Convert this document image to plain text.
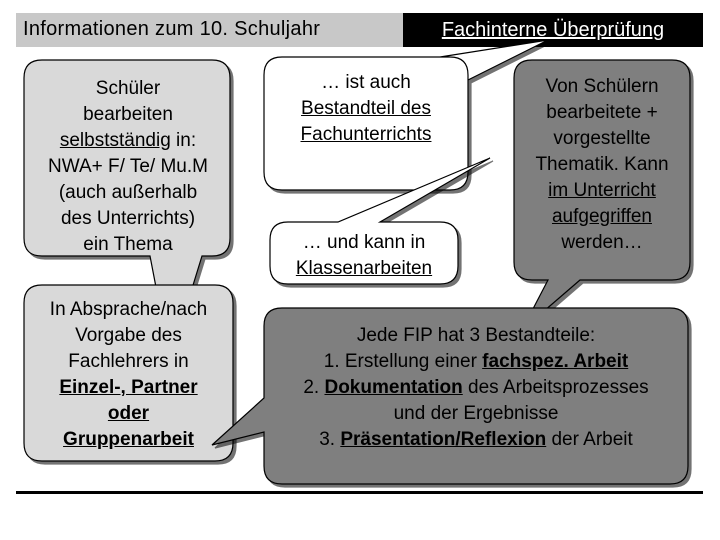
Informationen zum 10. Schuljahr	Fachinterne Überprüfung
Schüler
bearbeiten
selbstständig in:
NWA+ F/ Te/ Mu.M
(auch außerhalb
des Unterrichts)
ein Thema
… ist auch
Bestandteil des
Fachunterrichts
… und kann in
Klassenarbeiten
Von Schülern
bearbeitete +
vorgestellte
Thematik. Kann
im Unterricht
aufgegriffen
werden…
In Absprache/nach
Vorgabe des
Fachlehrers in
Einzel-, Partner
oder
Gruppenarbeit
Jede FIP hat 3 Bestandteile:
1. Erstellung einer fachspez. Arbeit
2. Dokumentation des Arbeitsprozesses
und der Ergebnisse
3. Präsentation/Reflexion der Arbeit
